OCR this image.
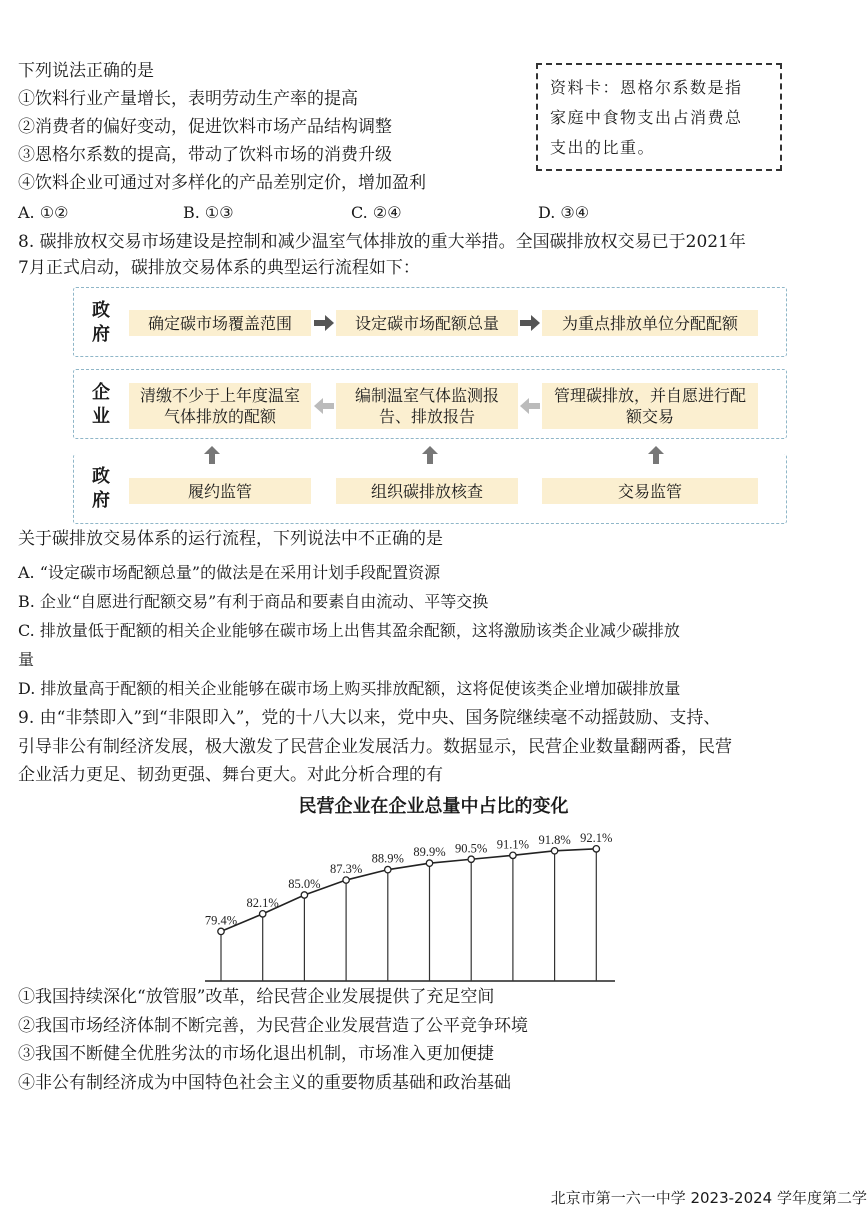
下列说法正确的是
①饮料行业产量增长，表明劳动生产率的提高
②消费者的偏好变动，促进饮料市场产品结构调整
③恩格尔系数的提高，带动了饮料市场的消费升级
④饮料企业可通过对多样化的产品差别定价，增加盈利
A. ①②	B. ①③	C. ②④	D. ③④
资料卡：恩格尔系数是指
家庭中食物支出占消费总
支出的比重。
8. 碳排放权交易市场建设是控制和减少温室气体排放的重大举措。全国碳排放权交易已于2021年
7月正式启动，碳排放交易体系的典型运行流程如下：
政府
确定碳市场覆盖范围	设定碳市场配额总量	为重点排放单位分配配额
企业
清缴不少于上年度温室气体排放的配额
编制温室气体监测报告、排放报告
管理碳排放，并自愿进行配额交易
政府	履约监管	组织碳排放核查	交易监管
关于碳排放交易体系的运行流程，下列说法中不正确的是
A. “设定碳市场配额总量”的做法是在采用计划手段配置资源
B. 企业“自愿进行配额交易”有利于商品和要素自由流动、平等交换
C. 排放量低于配额的相关企业能够在碳市场上出售其盈余配额，这将激励该类企业减少碳排放
量
D. 排放量高于配额的相关企业能够在碳市场上购买排放配额，这将促使该类企业增加碳排放量
9. 由“非禁即入”到“非限即入”，党的十八大以来，党中央、国务院继续毫不动摇鼓励、支持、
引导非公有制经济发展，极大激发了民营企业发展活力。数据显示，民营企业数量翻两番，民营
企业活力更足、韧劲更强、舞台更大。对此分析合理的有
民营企业在企业总量中占比的变化
79.4%
82.1%
85.0%
87.3%
88.9% 89.9% 90.5% 91.1% 91.8% 92.1%
①我国持续深化“放管服”改革，给民营企业发展提供了充足空间
②我国市场经济体制不断完善，为民营企业发展营造了公平竞争环境
③我国不断健全优胜劣汰的市场化退出机制，市场准入更加便捷
④非公有制经济成为中国特色社会主义的重要物质基础和政治基础
北京市第一六一中学 2023-2024 学年度第二学
